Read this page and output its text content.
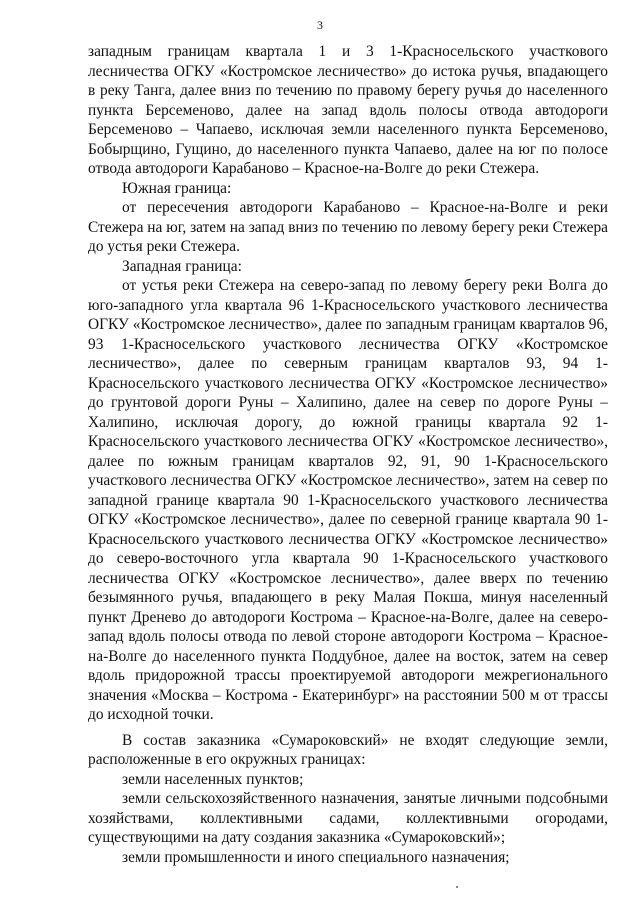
3

западным границам квартала 1 и 3 1-Красносельского участкового лесничества ОГКУ «Костромское лесничество» до истока ручья, впадающего в реку Танга, далее вниз по течению по правому берегу ручья до населенного пункта Берсеменово, далее на запад вдоль полосы отвода автодороги Берсеменово – Чапаево, исключая земли населенного пункта Берсеменово, Бобырщино, Гущино, до населенного пункта Чапаево, далее на юг по полосе отвода автодороги Карабаново – Красное-на-Волге до реки Стежера.

Южная граница:

от пересечения автодороги Карабаново – Красное-на-Волге и реки Стежера на юг, затем на запад вниз по течению по левому берегу реки Стежера до устья реки Стежера.

Западная граница:

от устья реки Стежера на северо-запад по левому берегу реки Волга до юго-западного угла квартала 96 1-Красносельского участкового лесничества ОГКУ «Костромское лесничество», далее по западным границам кварталов 96, 93 1-Красносельского участкового лесничества ОГКУ «Костромское лесничество», далее по северным границам кварталов 93, 94 1-Красносельского участкового лесничества ОГКУ «Костромское лесничество» до грунтовой дороги Руны – Халипино, далее на север по дороге Руны – Халипино, исключая дорогу, до южной границы квартала 92 1-Красносельского участкового лесничества ОГКУ «Костромское лесничество», далее по южным границам кварталов 92, 91, 90 1-Красносельского участкового лесничества ОГКУ «Костромское лесничество», затем на север по западной границе квартала 90 1-Красносельского участкового лесничества ОГКУ «Костромское лесничество», далее по северной границе квартала 90 1-Красносельского участкового лесничества ОГКУ «Костромское лесничество» до северо-восточного угла квартала 90 1-Красносельского участкового лесничества ОГКУ «Костромское лесничество», далее вверх по течению безымянного ручья, впадающего в реку Малая Покша, минуя населенный пункт Дренево до автодороги Кострома – Красное-на-Волге, далее на северо-запад вдоль полосы отвода по левой стороне автодороги Кострома – Красное-на-Волге до населенного пункта Поддубное, далее на восток, затем на север вдоль придорожной трассы проектируемой автодороги межрегионального значения «Москва – Кострома - Екатеринбург» на расстоянии 500 м от трассы до исходной точки.

В состав заказника «Сумароковский» не входят следующие земли, расположенные в его окружных границах:

земли населенных пунктов;

земли сельскохозяйственного назначения, занятые личными подсобными хозяйствами, коллективными садами, коллективными огородами, существующими на дату создания заказника «Сумароковский»;

земли промышленности и иного специального назначения;
